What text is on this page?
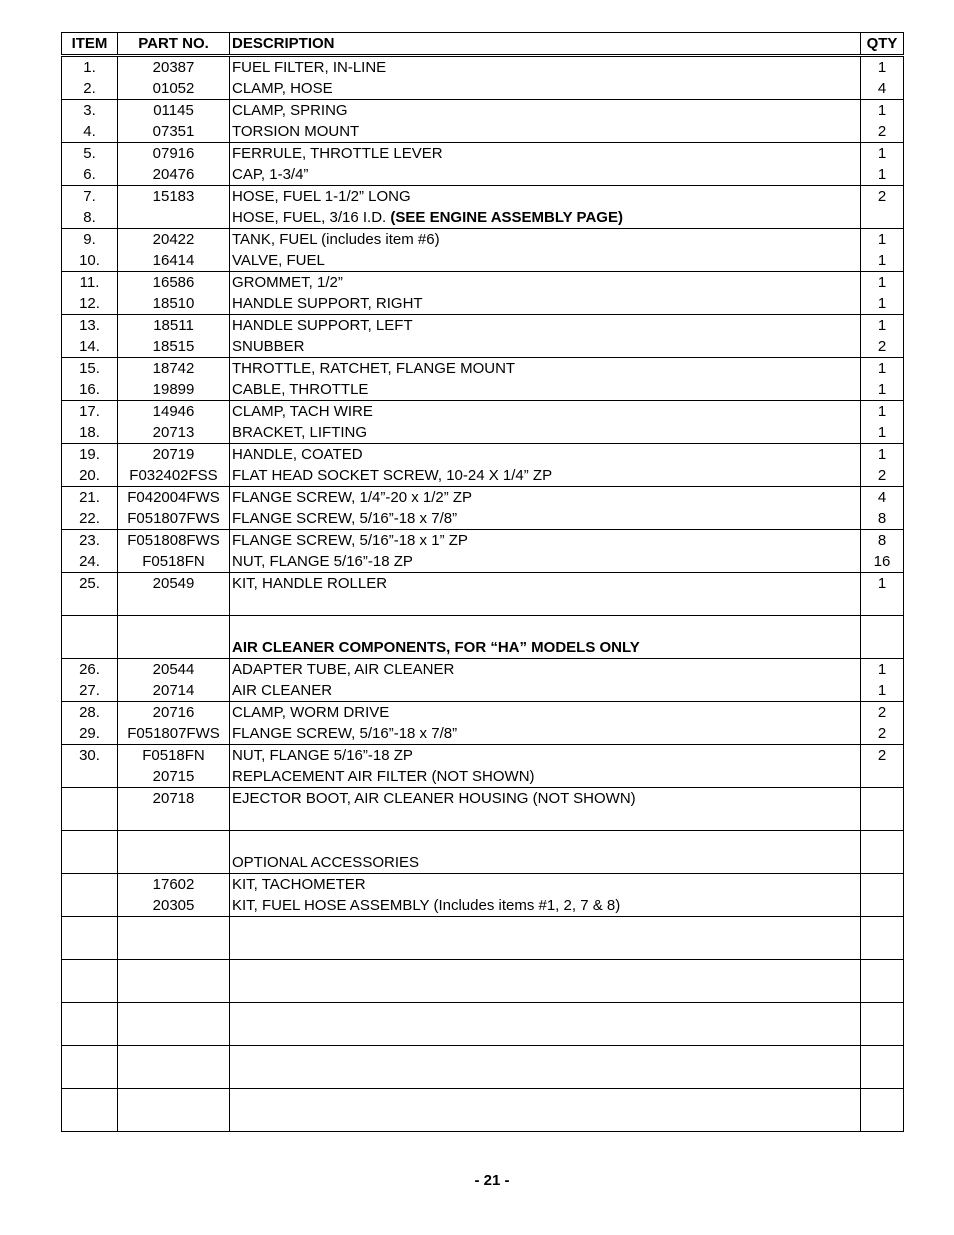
ITEM	PART NO.	DESCRIPTION	QTY
1.	20387	FUEL FILTER, IN-LINE	1
2.	01052	CLAMP, HOSE	4
3.	01145	CLAMP, SPRING	1
4.	07351	TORSION MOUNT	2
5.	07916	FERRULE, THROTTLE LEVER	1
6.	20476	CAP, 1-3/4”	1
7.	15183	HOSE, FUEL 1-1/2” LONG	2
8.		HOSE, FUEL, 3/16 I.D. (SEE ENGINE ASSEMBLY PAGE)	
9.	20422	TANK, FUEL (includes item #6)	1
10.	16414	VALVE, FUEL	1
11.	16586	GROMMET, 1/2”	1
12.	18510	HANDLE SUPPORT, RIGHT	1
13.	18511	HANDLE SUPPORT, LEFT	1
14.	18515	SNUBBER	2
15.	18742	THROTTLE, RATCHET, FLANGE MOUNT	1
16.	19899	CABLE, THROTTLE	1
17.	14946	CLAMP, TACH WIRE	1
18.	20713	BRACKET, LIFTING	1
19.	20719	HANDLE, COATED	1
20.	F032402FSS	FLAT HEAD SOCKET SCREW, 10-24 X 1/4” ZP	2
21.	F042004FWS	FLANGE SCREW, 1/4”-20 x 1/2” ZP	4
22.	F051807FWS	FLANGE SCREW, 5/16”-18 x 7/8”	8
23.	F051808FWS	FLANGE SCREW, 5/16”-18 x 1” ZP	8
24.	F0518FN	NUT, FLANGE 5/16”-18 ZP	16
25.	20549	KIT, HANDLE ROLLER	1

		AIR CLEANER COMPONENTS, FOR “HA” MODELS ONLY	
26.	20544	ADAPTER TUBE, AIR CLEANER	1
27.	20714	AIR CLEANER	1
28.	20716	CLAMP, WORM DRIVE	2
29.	F051807FWS	FLANGE SCREW, 5/16”-18 x 7/8”	2
30.	F0518FN	NUT, FLANGE 5/16”-18 ZP	2
	20715	REPLACEMENT AIR FILTER (NOT SHOWN)	
	20718	EJECTOR BOOT, AIR CLEANER HOUSING (NOT SHOWN)	

		OPTIONAL ACCESSORIES	
	17602	KIT, TACHOMETER	
	20305	KIT, FUEL HOSE ASSEMBLY (Includes items #1, 2, 7 & 8)	

- 21 -
